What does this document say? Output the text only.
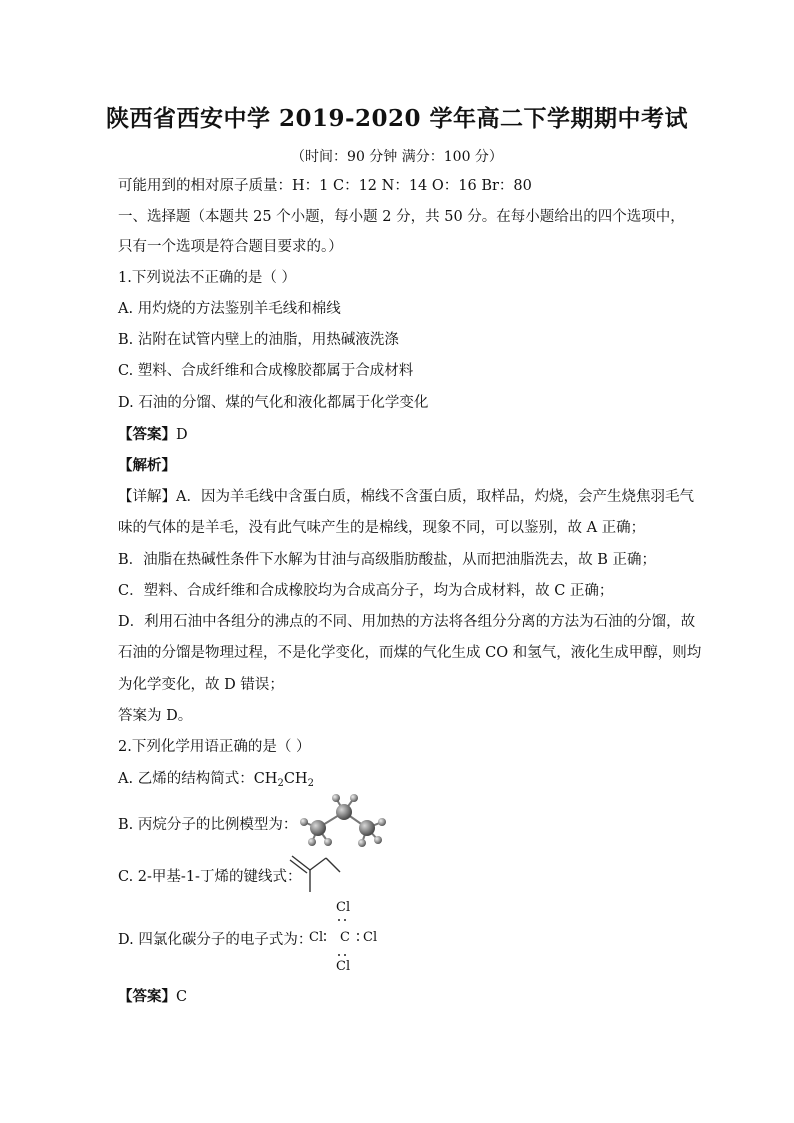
陕西省西安中学 2019-2020 学年高二下学期期中考试
（时间：90 分钟 满分：100 分）
可能用到的相对原子质量：H：1 C：12 N：14 O：16 Br：80
一、选择题（本题共 25 个小题，每小题 2 分，共 50 分。在每小题给出的四个选项中，
只有一个选项是符合题目要求的。）
1.下列说法不正确的是（ ）
A. 用灼烧的方法鉴别羊毛线和棉线
B. 沾附在试管内壁上的油脂，用热碱液洗涤
C. 塑料、合成纤维和合成橡胶都属于合成材料
D. 石油的分馏、煤的气化和液化都属于化学变化
【答案】D
【解析】
【详解】A．因为羊毛线中含蛋白质，棉线不含蛋白质，取样品，灼烧，会产生烧焦羽毛气
味的气体的是羊毛，没有此气味产生的是棉线，现象不同，可以鉴别，故 A 正确；
B．油脂在热碱性条件下水解为甘油与高级脂肪酸盐，从而把油脂洗去，故 B 正确；
C．塑料、合成纤维和合成橡胶均为合成高分子，均为合成材料，故 C 正确；
D．利用石油中各组分的沸点的不同、用加热的方法将各组分分离的方法为石油的分馏，故
石油的分馏是物理过程，不是化学变化，而煤的气化生成 CO 和氢气，液化生成甲醇，则均
为化学变化，故 D 错误；
答案为 D。
2.下列化学用语正确的是（ ）
A. 乙烯的结构简式：$CH_2CH_2$
B. 丙烷分子的比例模型为：
C. 2-甲基-1-丁烯的键线式：
D. 四氯化碳分子的电子式为：
Cl
Cl C Cl
Cl
【答案】C
